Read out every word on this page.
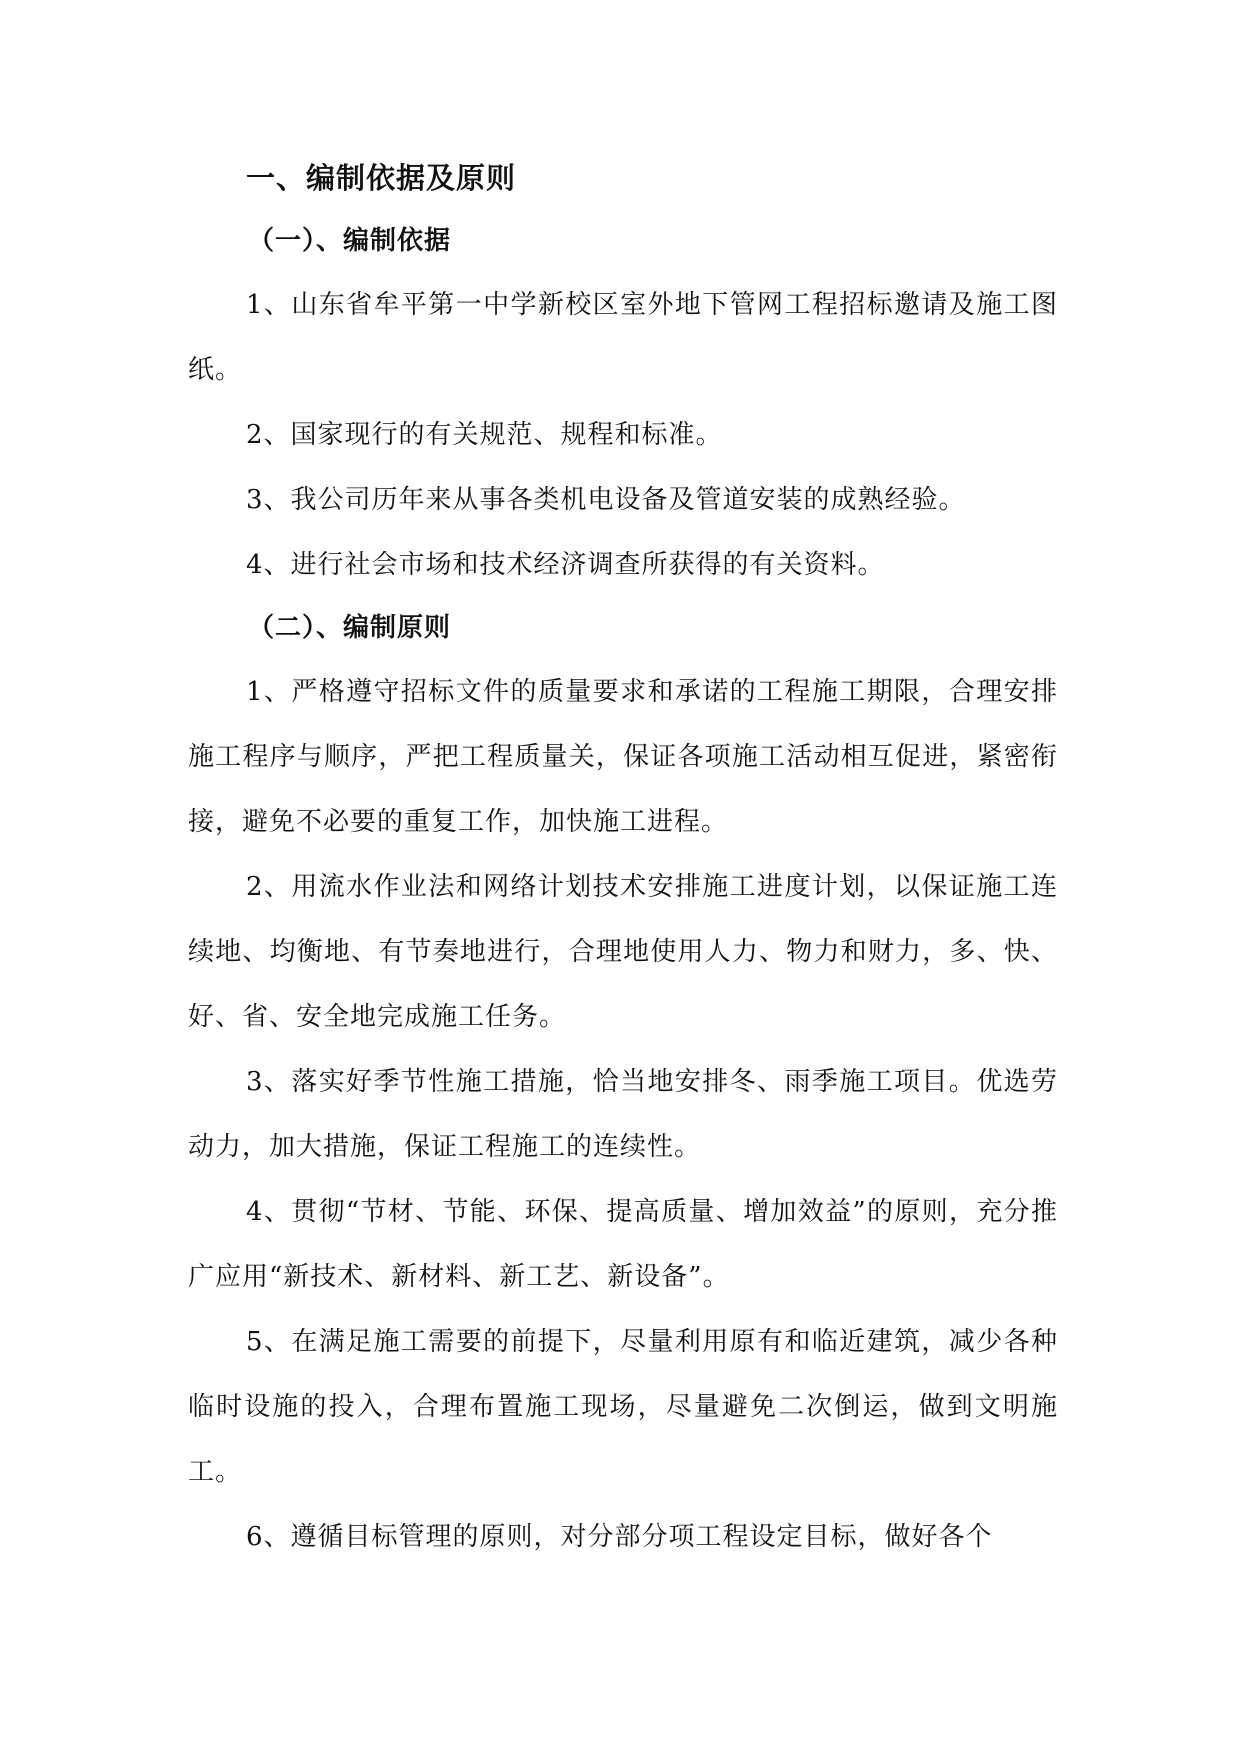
一、编制依据及原则
（一）、编制依据

1、山东省牟平第一中学新校区室外地下管网工程招标邀请及施工图纸。

2、国家现行的有关规范、规程和标准。

3、我公司历年来从事各类机电设备及管道安装的成熟经验。

4、进行社会市场和技术经济调查所获得的有关资料。

（二）、编制原则

1、严格遵守招标文件的质量要求和承诺的工程施工期限，合理安排施工程序与顺序，严把工程质量关，保证各项施工活动相互促进，紧密衔接，避免不必要的重复工作，加快施工进程。

2、用流水作业法和网络计划技术安排施工进度计划，以保证施工连续地、均衡地、有节奏地进行，合理地使用人力、物力和财力，多、快、好、省、安全地完成施工任务。

3、落实好季节性施工措施，恰当地安排冬、雨季施工项目。优选劳动力，加大措施，保证工程施工的连续性。

4、贯彻“节材、节能、环保、提高质量、增加效益”的原则，充分推广应用“新技术、新材料、新工艺、新设备”。

5、在满足施工需要的前提下，尽量利用原有和临近建筑，减少各种临时设施的投入，合理布置施工现场，尽量避免二次倒运，做到文明施工。

6、遵循目标管理的原则，对分部分项工程设定目标，做好各个
